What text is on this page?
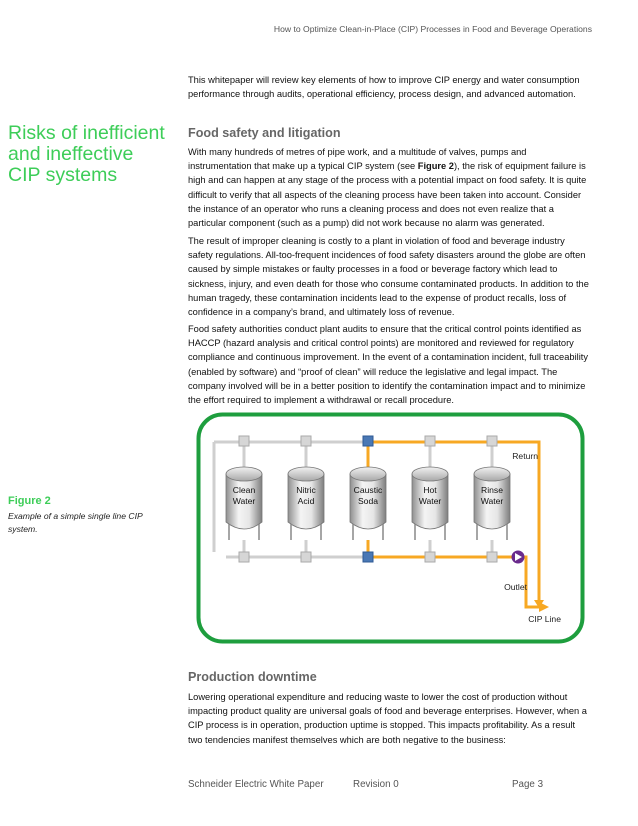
How to Optimize Clean-in-Place (CIP) Processes in Food and Beverage Operations
This whitepaper will review key elements of how to improve CIP energy and water consumption performance through audits, operational efficiency, process design, and advanced automation.
Risks of inefficient and ineffective CIP systems
Food safety and litigation

With many hundreds of metres of pipe work, and a multitude of valves, pumps and instrumentation that make up a typical CIP system (see Figure 2), the risk of equipment failure is high and can happen at any stage of the process with a potential impact on food safety. It is quite difficult to verify that all aspects of the cleaning process have been taken into account. Consider the instance of an operator who runs a cleaning process and does not even realize that a particular component (such as a pump) did not work because no alarm was generated.

The result of improper cleaning is costly to a plant in violation of food and beverage industry safety regulations. All-too-frequent incidences of food safety disasters around the globe are often caused by simple mistakes or faulty processes in a food or beverage factory which lead to sickness, injury, and even death for those who consume contaminated products. In addition to the human tragedy, these contamination incidents lead to the expense of product recalls, loss of confidence in a company’s brand, and ultimately loss of revenue.
Food safety authorities conduct plant audits to ensure that the critical control points identified as HACCP (hazard analysis and critical control points) are monitored and reviewed for regulatory compliance and continuous improvement. In the event of a contamination incident, full traceability (enabled by software) and “proof of clean” will reduce the legislative and legal impact. The company involved will be in a better position to identify the contamination impact and to minimize the effort required to implement a withdrawal or recall procedure.
Figure 2
Example of a simple single line CIP system.
Clean
Water
Nitric
Acid
Caustic
Soda
Hot
Water
Rinse
Water
Return
Outlet
CIP Line
Production downtime
Lowering operational expenditure and reducing waste to lower the cost of production without impacting product quality are universal goals of food and beverage enterprises. However, when a CIP process is in operation, production uptime is stopped. This impacts profitability. As a result two tendencies manifest themselves which are both negative to the business:
Schneider Electric White Paper	Revision 0	Page 3
